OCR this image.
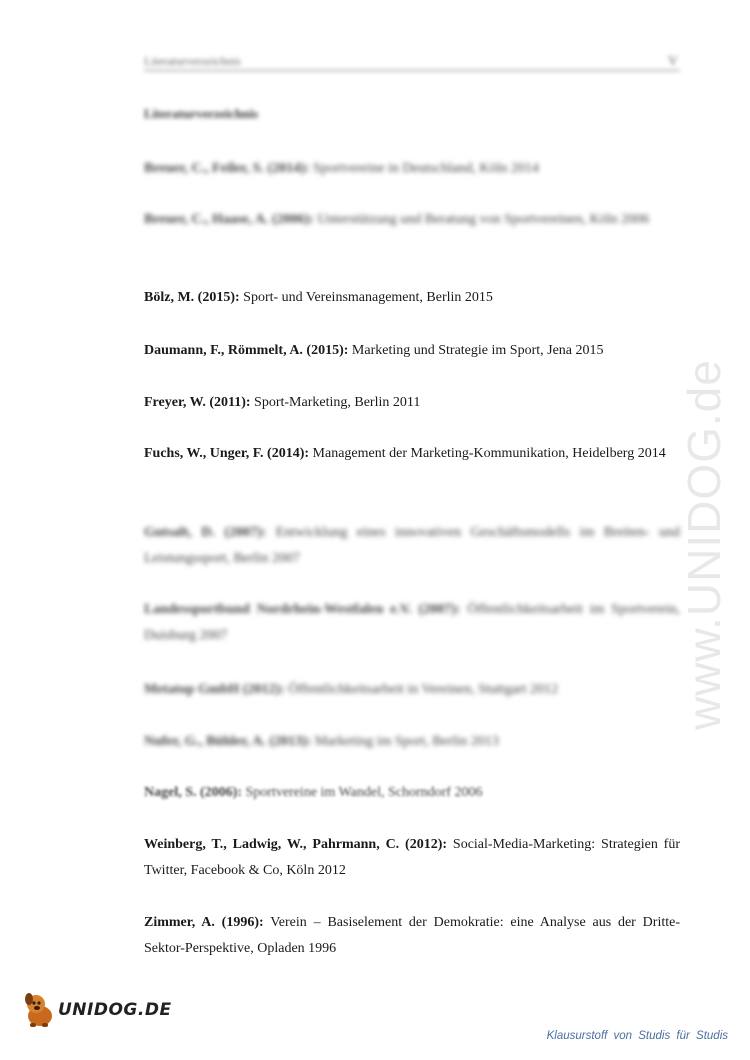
Literaturverzeichnis	V
Literaturverzeichnis
Breuer, C., Feiler, S. (2014): Sportvereine in Deutschland, Köln 2014
Breuer, C., Haase, A. (2006): Unterstützung und Beratung von Sportvereinen, Köln 2006
Bölz, M. (2015): Sport- und Vereinsmanagement, Berlin 2015
Daumann, F., Römmelt, A. (2015): Marketing und Strategie im Sport, Jena 2015
Freyer, W. (2011): Sport-Marketing, Berlin 2011
Fuchs, W., Unger, F. (2014): Management der Marketing-Kommunikation, Heidelberg 2014
Gutsalt, D. (2007): Entwicklung eines innovativen Geschäftsmodells im Breiten- und Leistungssport, Berlin 2007
Landessportbund Nordrhein-Westfalen e.V. (2007): Öffentlichkeitsarbeit im Sportverein, Duisburg 2007
Metatop GmbH (2012): Öffentlichkeitsarbeit in Vereinen, Stuttgart 2012
Nufer, G., Bühler, A. (2013): Marketing im Sport, Berlin 2013
Nagel, S. (2006): Sportvereine im Wandel, Schorndorf 2006
Weinberg, T., Ladwig, W., Pahrmann, C. (2012): Social-Media-Marketing: Strategien für Twitter, Facebook & Co, Köln 2012
Zimmer, A. (1996): Verein – Basiselement der Demokratie: eine Analyse aus der Dritte-Sektor-Perspektive, Opladen 1996
www.UNIDOG.de
UNIDOG.DE
Klausurstoff von Studis für Studis
